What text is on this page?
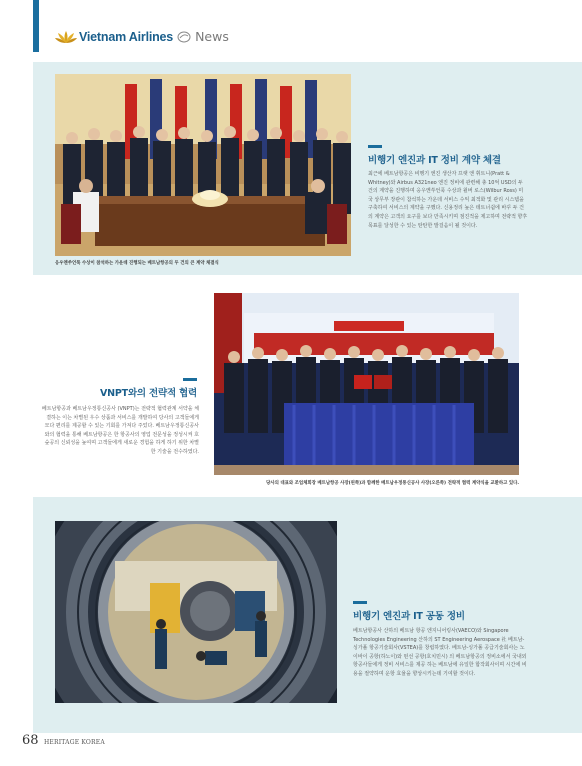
Vietnam Airlines News
응우옌쑤언푹 수상이 참석하는 가운데 진행되는 베트남항공의 두 건의 큰 계약 체결식
비행기 엔진과 IT 정비 계약 체결
최근에 베트남항공은 비행기 엔진 생산자 프랫 앤 휘트니(Pratt & Whitney)와 Airbus A321neo 엔진 정비에 관련해 총 10억 USD의 두 건의 계약을 진행하며 응우옌쑤언푹 수상과 윌버 로스(Wilbur Ross) 미국 상무부 장관이 참석하는 가운데 서비스 수익 최적화 및 관리 시스템을 구축하여 서비스의 계약을 구했다. 신용정리 높은 테트너쉽에 바꾸 두 건의 계약은 고객의 요구를 보다 만족시키며 점진적을 제고하며 전략적 향후 목표를 달성한 수 있는 탄탄한 발걸음이 될 것이다.
당사의 대표와 조업체회장 베트남항공 사장(왼쪽)과 함께한 베트남우정통신공사 사장(오른쪽) 전략적 협력 계약식을 교환하고 있다.
VNPT와의 전략적 협력
베트남항공과 베트남우정통신공사 (VNPT)는 전략적 협력관계 서약을 체결하는 이는 차별된 우수 상품과 서비스를 개발하여 당사의 고객들에게 모다 편리를 제공할 수 있는 기회를 가져다 주었다. 베트남우정통신공사와의 협력을 통해 베트남항공은 한 항공사의 영업 전문성을 정성시켜 호숲공의 신뢰성을 높여며 고객들에게 새로운 경험을 하게 하기 위한 차별한 기술을 전수하였다.
비행기 엔진과 IT 공동 정비
베트남항공사 산하의 베트남 항공 엔지니어링사(VAECO)와 Singapore Technologies Engineering 산하의 ST Engineering Aerospace 社 베트남-싱가폴 항공기술회사(VSTEA)를 창립하였다. 베트남-싱가폴 공급기술회사는 노이바이 공항(하노이)와 떤선 공항(호치민시) 의 베트남항공의 정비소에서 국내외 항공사들에게 정비 서비스를 제공 하는 베트남에 유일한 합작회사이며 시간에 비용을 절약하며 운항 효율을 향상시키는데 기여할 것이다.
68 HERITAGE KOREA
